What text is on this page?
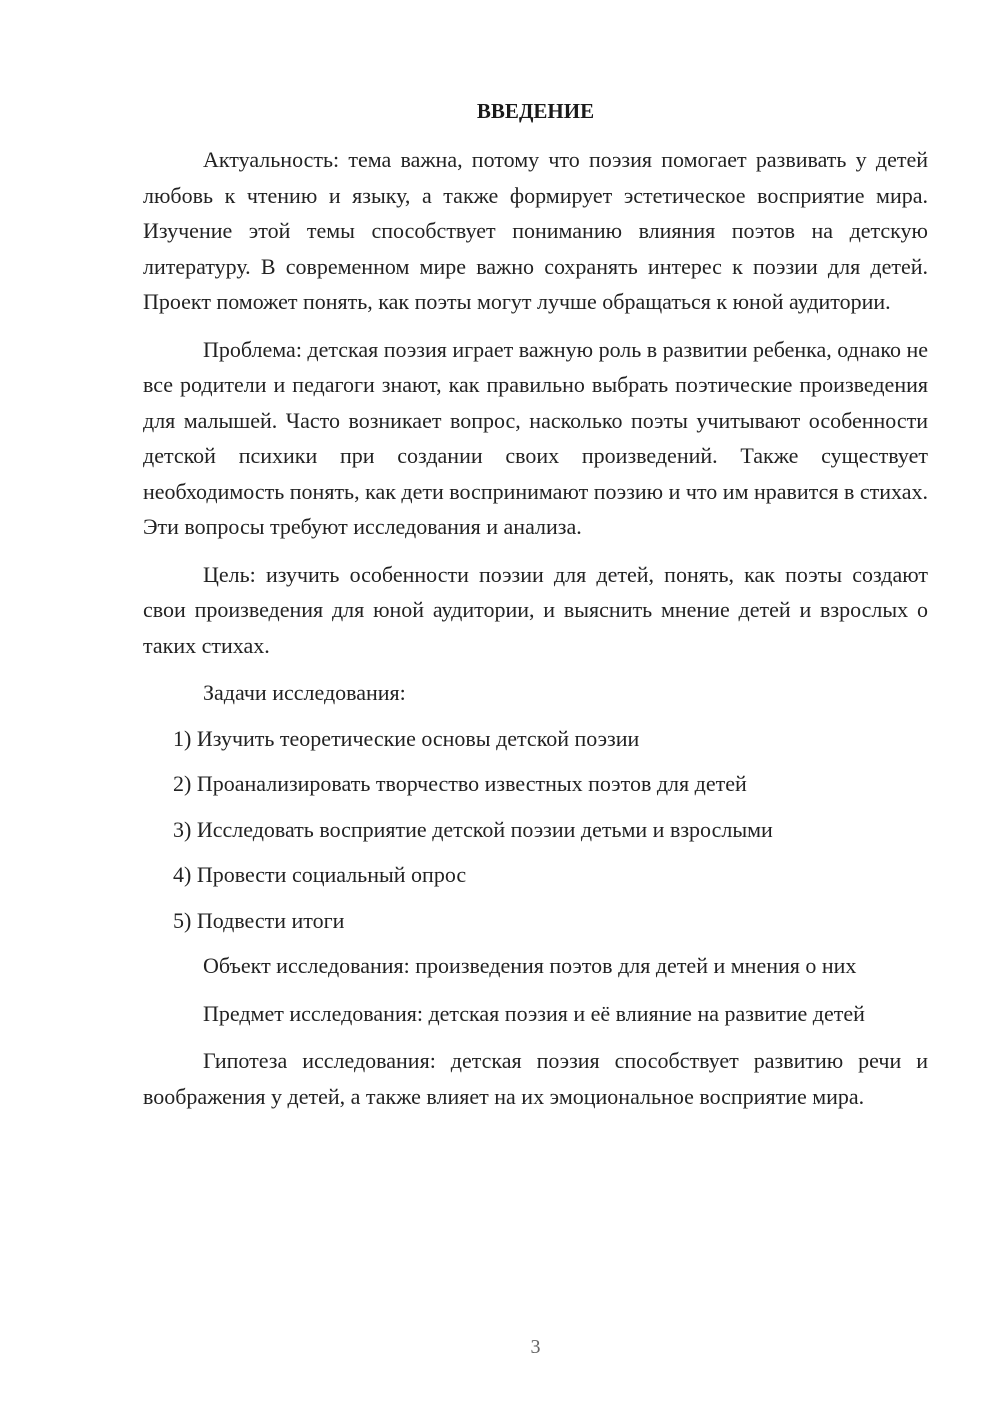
ВВЕДЕНИЕ

Актуальность: тема важна, потому что поэзия помогает развивать у детей любовь к чтению и языку, а также формирует эстетическое восприятие мира. Изучение этой темы способствует пониманию влияния поэтов на детскую литературу. В современном мире важно сохранять интерес к поэзии для детей. Проект поможет понять, как поэты могут лучше обращаться к юной аудитории.

Проблема: детская поэзия играет важную роль в развитии ребенка, однако не все родители и педагоги знают, как правильно выбрать поэтические произведения для малышей. Часто возникает вопрос, насколько поэты учитывают особенности детской психики при создании своих произведений. Также существует необходимость понять, как дети воспринимают поэзию и что им нравится в стихах. Эти вопросы требуют исследования и анализа.

Цель: изучить особенности поэзии для детей, понять, как поэты создают свои произведения для юной аудитории, и выяснить мнение детей и взрослых о таких стихах.

Задачи исследования:

1) Изучить теоретические основы детской поэзии
2) Проанализировать творчество известных поэтов для детей
3) Исследовать восприятие детской поэзии детьми и взрослыми
4) Провести социальный опрос
5) Подвести итоги

Объект исследования: произведения поэтов для детей и мнения о них

Предмет исследования: детская поэзия и её влияние на развитие детей

Гипотеза исследования: детская поэзия способствует развитию речи и воображения у детей, а также влияет на их эмоциональное восприятие мира.

3
